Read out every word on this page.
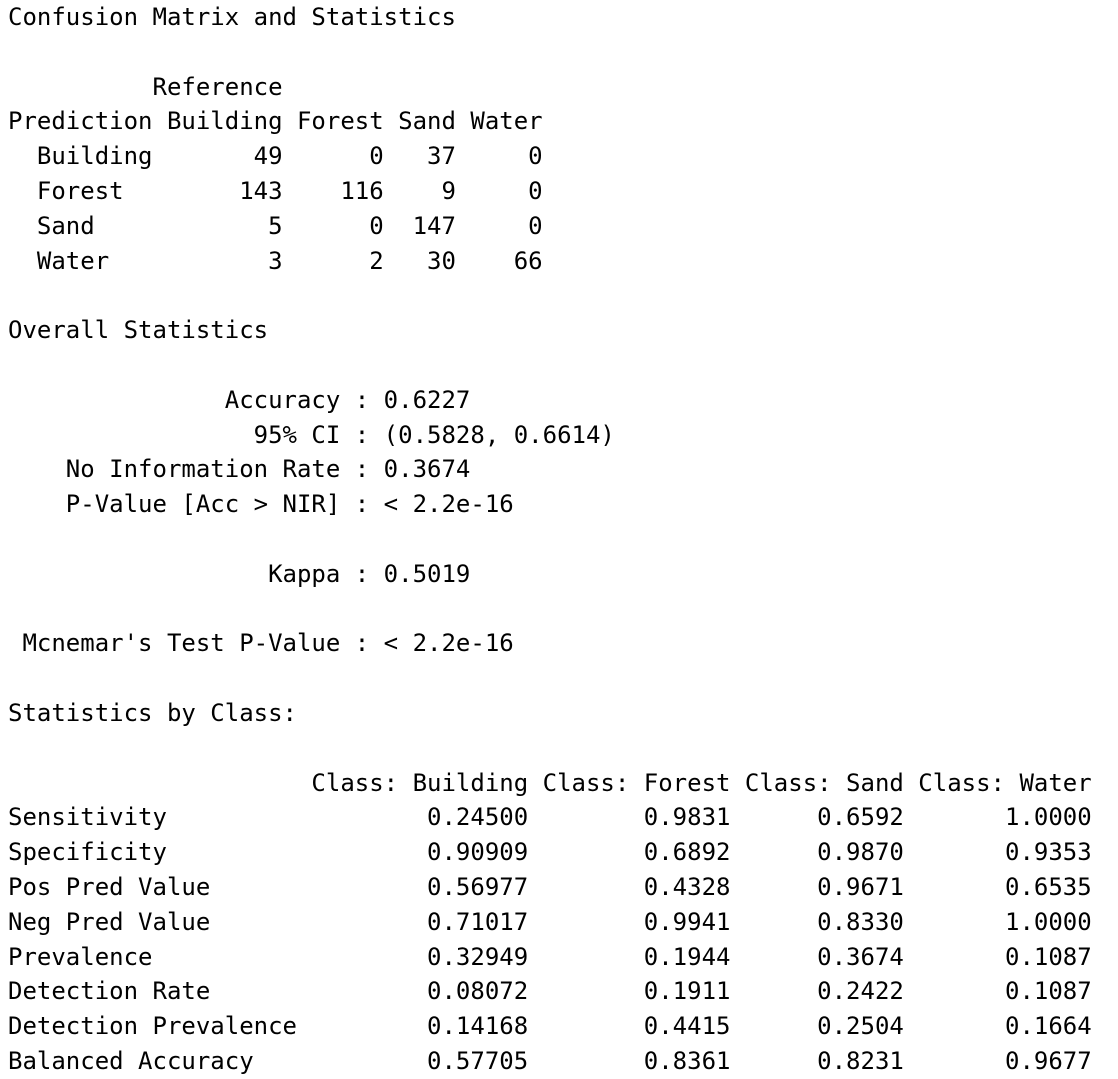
Confusion Matrix and Statistics
Reference
Prediction Building Forest Sand Water
Building       49      0   37     0
Forest        143    116    9     0
Sand            5      0  147     0
Water           3      2   30    66
Overall Statistics
Accuracy : 0.6227
95% CI : (0.5828, 0.6614)
No Information Rate : 0.3674
P-Value [Acc > NIR] : < 2.2e-16
Kappa : 0.5019
Mcnemar's Test P-Value : < 2.2e-16
Statistics by Class:
Class: Building Class: Forest Class: Sand Class: Water
Sensitivity                  0.24500        0.9831      0.6592       1.0000
Specificity                  0.90909        0.6892      0.9870       0.9353
Pos Pred Value               0.56977        0.4328      0.9671       0.6535
Neg Pred Value               0.71017        0.9941      0.8330       1.0000
Prevalence                   0.32949        0.1944      0.3674       0.1087
Detection Rate               0.08072        0.1911      0.2422       0.1087
Detection Prevalence         0.14168        0.4415      0.2504       0.1664
Balanced Accuracy            0.57705        0.8361      0.8231       0.9677
